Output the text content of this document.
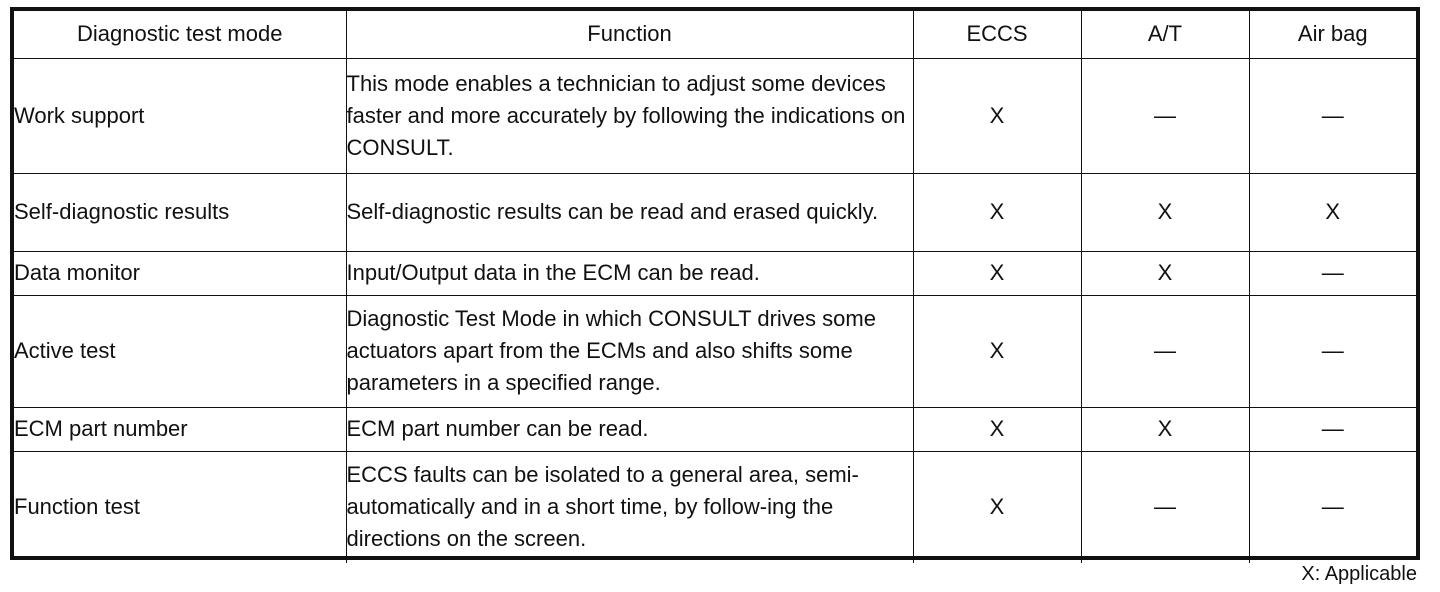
Diagnostic test mode	Function	ECCS	A/T	Air bag
Work support	This mode enables a technician to adjust some devices faster and more accurately by following the indications on CONSULT.	X	—	—
Self-diagnostic results	Self-diagnostic results can be read and erased quickly.	X	X	X
Data monitor	Input/Output data in the ECM can be read.	X	X	—
Active test	Diagnostic Test Mode in which CONSULT drives some actuators apart from the ECMs and also shifts some parameters in a specified range.	X	—	—
ECM part number	ECM part number can be read.	X	X	—
Function test	ECCS faults can be isolated to a general area, semi-automatically and in a short time, by follow-ing the directions on the screen.	X	—	—
X: Applicable
